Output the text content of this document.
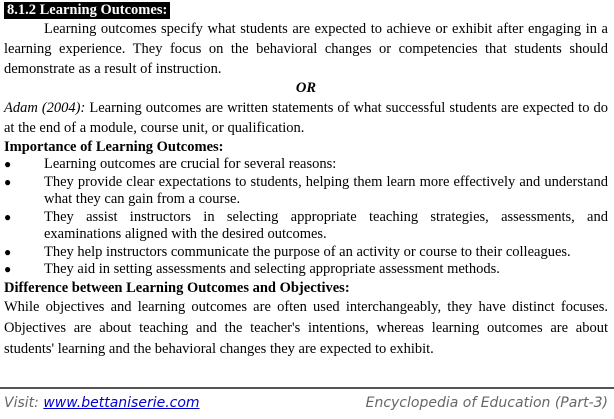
8.1.2 Learning Outcomes:

Learning outcomes specify what students are expected to achieve or exhibit after engaging in a learning experience. They focus on the behavioral changes or competencies that students should demonstrate as a result of instruction.

OR

Adam (2004): Learning outcomes are written statements of what successful students are expected to do at the end of a module, course unit, or qualification.

Importance of Learning Outcomes:
● Learning outcomes are crucial for several reasons:
● They provide clear expectations to students, helping them learn more effectively and understand what they can gain from a course.
● They assist instructors in selecting appropriate teaching strategies, assessments, and examinations aligned with the desired outcomes.
● They help instructors communicate the purpose of an activity or course to their colleagues.
● They aid in setting assessments and selecting appropriate assessment methods.
Difference between Learning Outcomes and Objectives:

While objectives and learning outcomes are often used interchangeably, they have distinct focuses. Objectives are about teaching and the teacher's intentions, whereas learning outcomes are about students' learning and the behavioral changes they are expected to exhibit.

Visit: www.bettaniserie.com	Encyclopedia of Education (Part-3)
